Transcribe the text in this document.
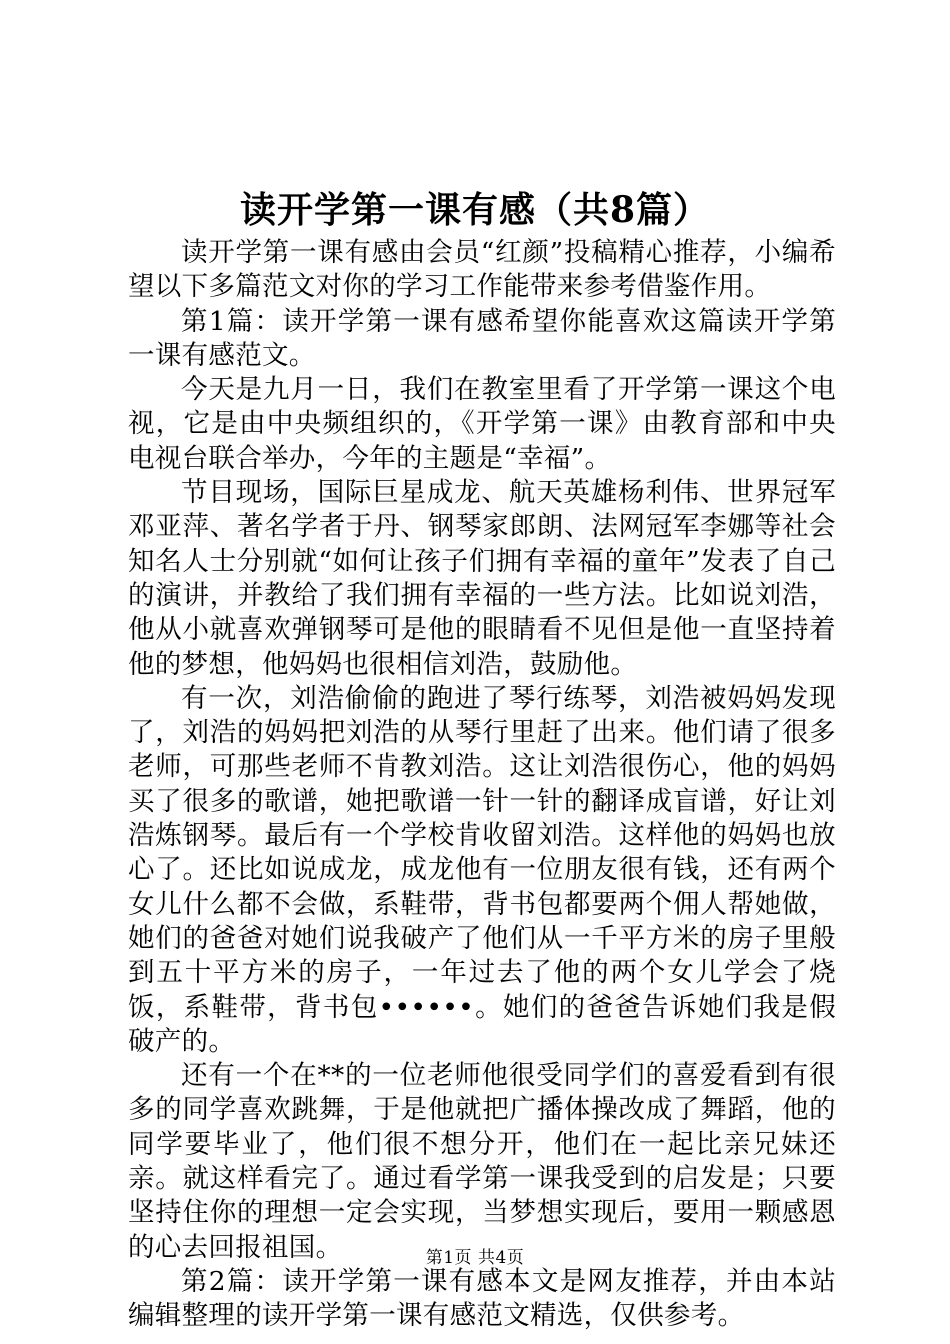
读开学第一课有感（共8篇）

读开学第一课有感由会员“红颜”投稿精心推荐，小编希望以下多篇范文对你的学习工作能带来参考借鉴作用。

第1篇：读开学第一课有感希望你能喜欢这篇读开学第一课有感范文。

今天是九月一日，我们在教室里看了开学第一课这个电视，它是由中央频组织的，《开学第一课》由教育部和中央电视台联合举办，今年的主题是“幸福”。

节目现场，国际巨星成龙、航天英雄杨利伟、世界冠军邓亚萍、著名学者于丹、钢琴家郎朗、法网冠军李娜等社会知名人士分别就“如何让孩子们拥有幸福的童年”发表了自己的演讲，并教给了我们拥有幸福的一些方法。比如说刘浩，他从小就喜欢弹钢琴可是他的眼睛看不见但是他一直坚持着他的梦想，他妈妈也很相信刘浩，鼓励他。

有一次，刘浩偷偷的跑进了琴行练琴，刘浩被妈妈发现了，刘浩的妈妈把刘浩的从琴行里赶了出来。他们请了很多老师，可那些老师不肯教刘浩。这让刘浩很伤心，他的妈妈买了很多的歌谱，她把歌谱一针一针的翻译成盲谱，好让刘浩炼钢琴。最后有一个学校肯收留刘浩。这样他的妈妈也放心了。还比如说成龙，成龙他有一位朋友很有钱，还有两个女儿什么都不会做，系鞋带，背书包都要两个佣人帮她做，她们的爸爸对她们说我破产了他们从一千平方米的房子里般到五十平方米的房子，一年过去了他的两个女儿学会了烧饭，系鞋带，背书包••••••。她们的爸爸告诉她们我是假破产的。

还有一个在**的一位老师他很受同学们的喜爱看到有很多的同学喜欢跳舞，于是他就把广播体操改成了舞蹈，他的同学要毕业了，他们很不想分开，他们在一起比亲兄妹还亲。就这样看完了。通过看学第一课我受到的启发是；只要坚持住你的理想一定会实现，当梦想实现后，要用一颗感恩的心去回报祖国。

第2篇：读开学第一课有感本文是网友推荐，并由本站编辑整理的读开学第一课有感范文精选，仅供参考。

第1页 共4页
